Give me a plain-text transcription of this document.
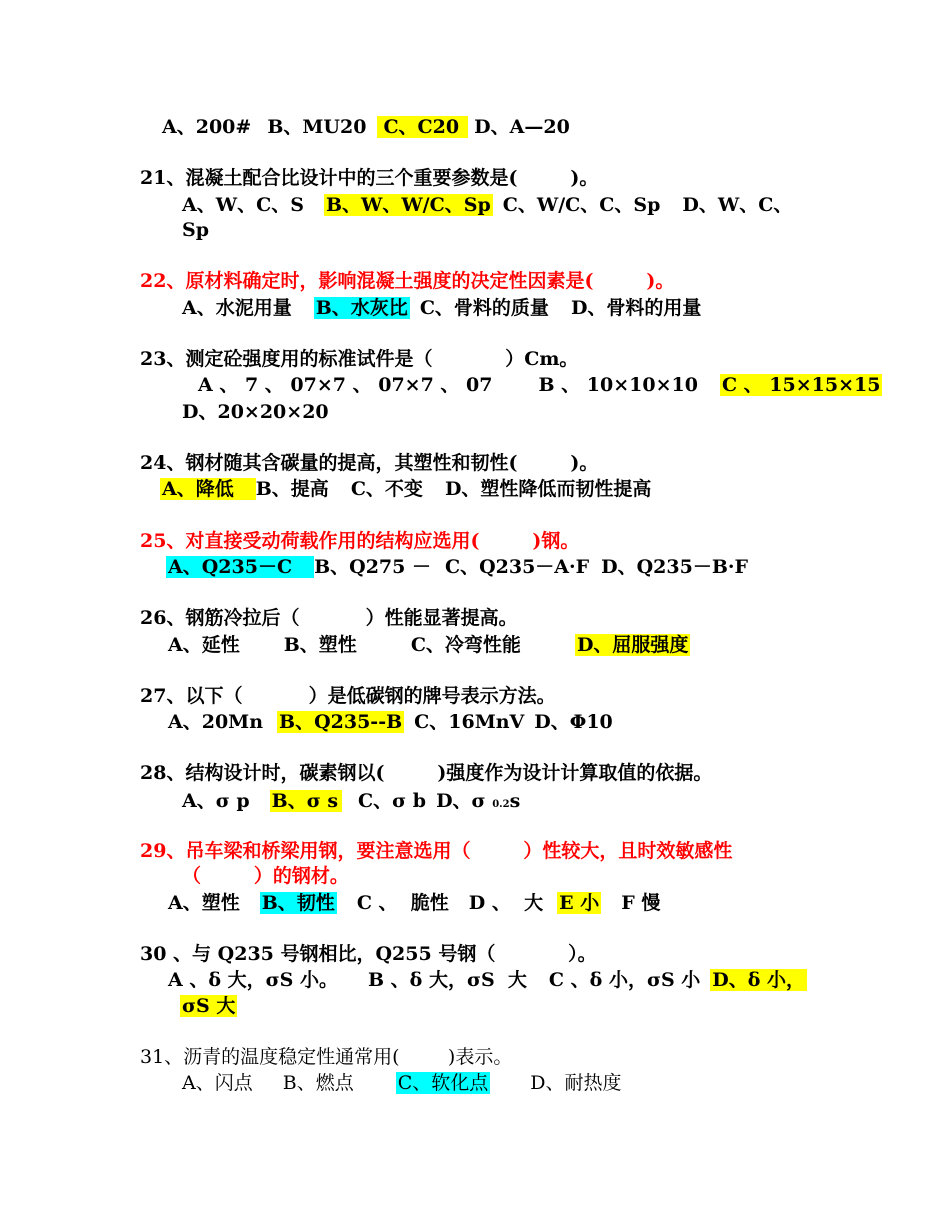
A、200# B、MU20 C、C20 D、A—20
21、混凝土配合比设计中的三个重要参数是(        )。
A、W、C、S B、W、W/C、Sp C、W/C、C、Sp D、W、C、
Sp
22、原材料确定时，影响混凝土强度的决定性因素是(        )。
A、水泥用量 B、水灰比 C、骨料的质量 D、骨料的用量
23、测定砼强度用的标准试件是（           ）Cm。
A 、 7 、 07×7 、 07×7 、 07 B 、 10×10×10 C 、 15×15×15
D、20×20×20
24、钢材随其含碳量的提高，其塑性和韧性(        )。
A、降低 B、提高 C、不变 D、塑性降低而韧性提高
25、对直接受动荷载作用的结构应选用(        )钢。
A、Q235－C B、Q275 － C、Q235－A·F D、Q235－B·F
26、钢筋冷拉后（          ）性能显著提高。
A、延性 B、塑性	C、冷弯性能	D、屈服强度
27、以下（          ）是低碳钢的牌号表示方法。
A、20Mn B、Q235--B C、16MnV D、Φ10
28、结构设计时，碳素钢以(        )强度作为设计计算取值的依据。
A、σ p B、σ s C、σ b D、σ 0.2s
29、吊车梁和桥梁用钢，要注意选用（        ）性较大，且时效敏感性
（        ）的钢材。
A、塑性 B、韧性 C 、  脆性 D 、  大 E 小 F 慢
30 、与 Q235 号钢相比，Q255 号钢（           ）。
A 、δ 大，σS 小。 B 、δ 大，σS  大 C 、δ 小，σS 小 D、δ 小，
σS 大
31、沥青的温度稳定性通常用(        )表示。
A、闪点 B、燃点 C、软化点 D、耐热度
